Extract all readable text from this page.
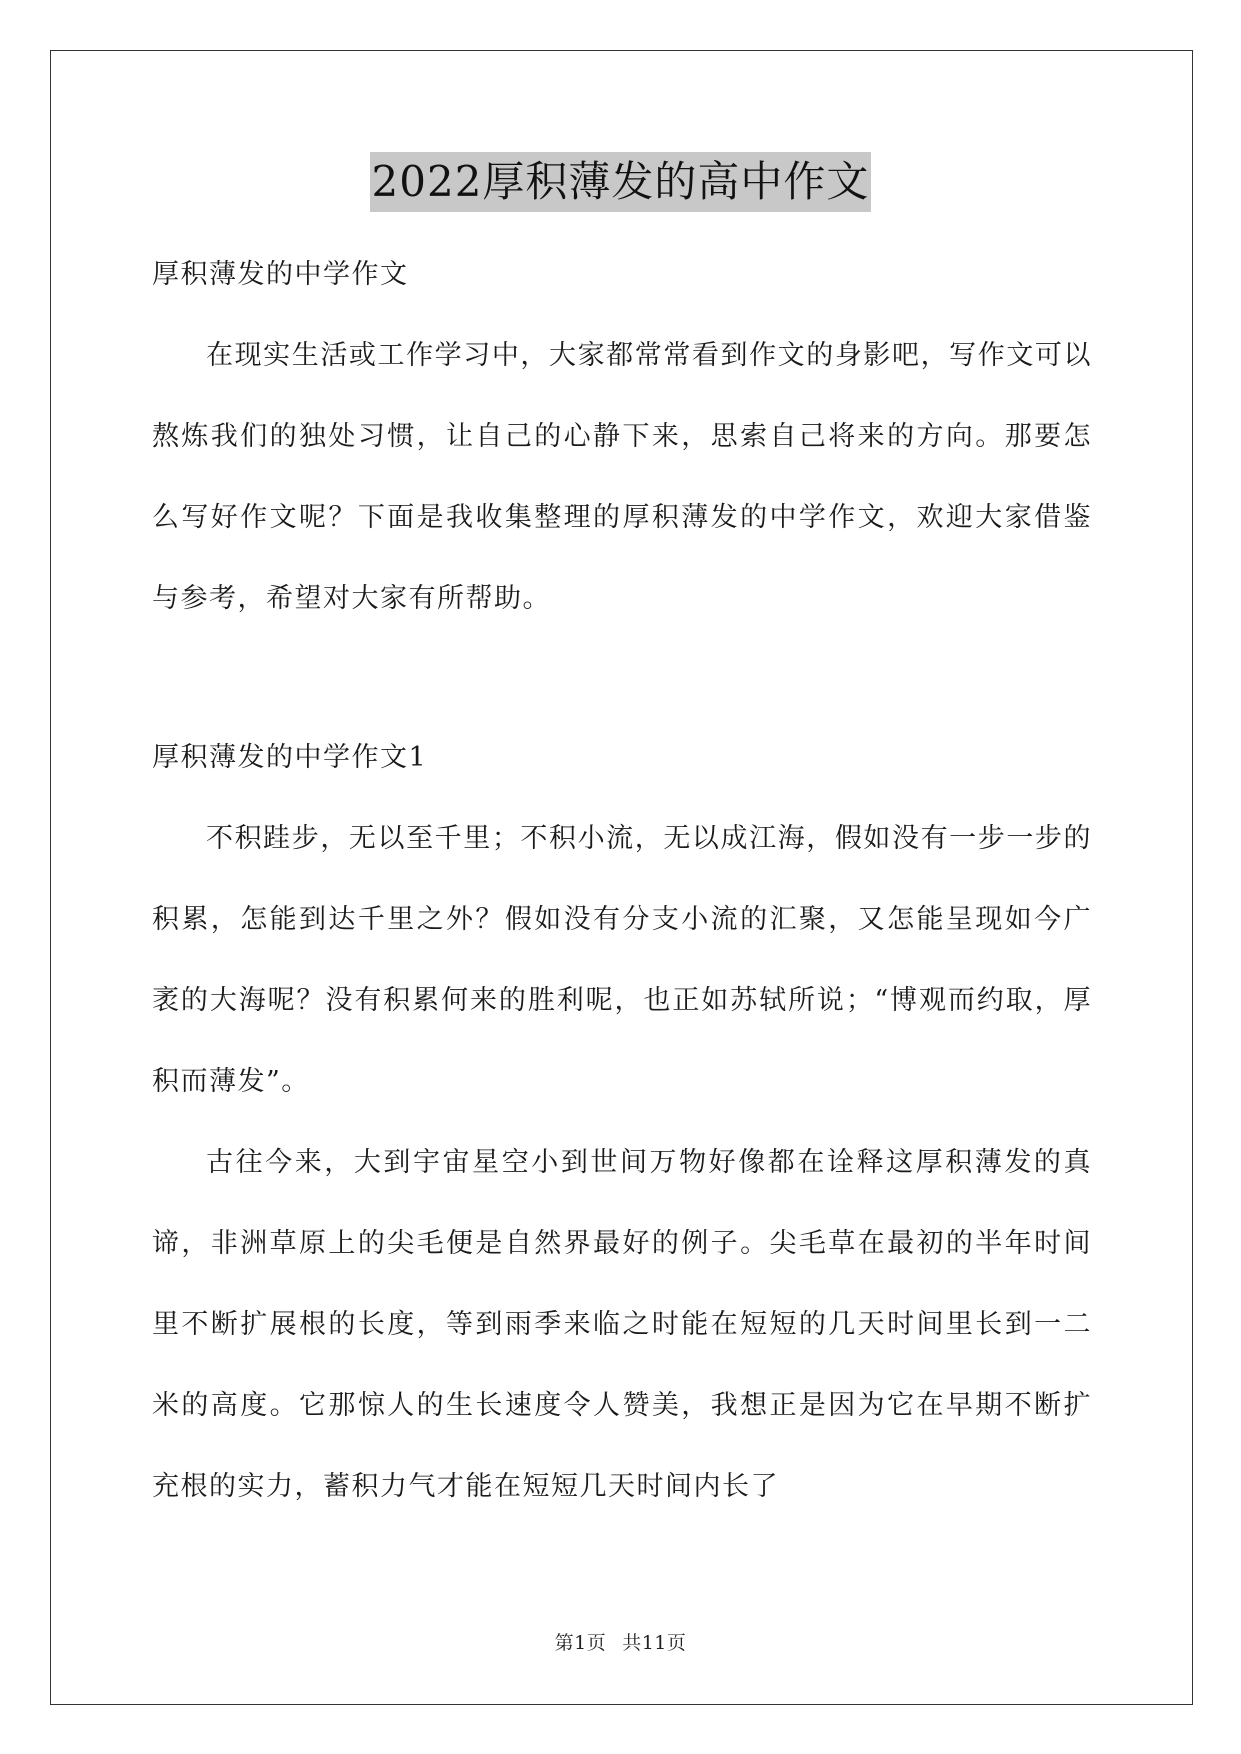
2022厚积薄发的高中作文

厚积薄发的中学作文

在现实生活或工作学习中，大家都常常看到作文的身影吧，写作文可以熬炼我们的独处习惯，让自己的心静下来，思索自己将来的方向。那要怎么写好作文呢？下面是我收集整理的厚积薄发的中学作文，欢迎大家借鉴与参考，希望对大家有所帮助。

厚积薄发的中学作文1

不积跬步，无以至千里；不积小流，无以成江海，假如没有一步一步的积累，怎能到达千里之外？假如没有分支小流的汇聚，又怎能呈现如今广袤的大海呢？没有积累何来的胜利呢，也正如苏轼所说；“博观而约取，厚积而薄发”。

古往今来，大到宇宙星空小到世间万物好像都在诠释这厚积薄发的真谛，非洲草原上的尖毛便是自然界最好的例子。尖毛草在最初的半年时间里不断扩展根的长度，等到雨季来临之时能在短短的几天时间里长到一二米的高度。它那惊人的生长速度令人赞美，我想正是因为它在早期不断扩充根的实力，蓄积力气才能在短短几天时间内长了

第1页 共11页
